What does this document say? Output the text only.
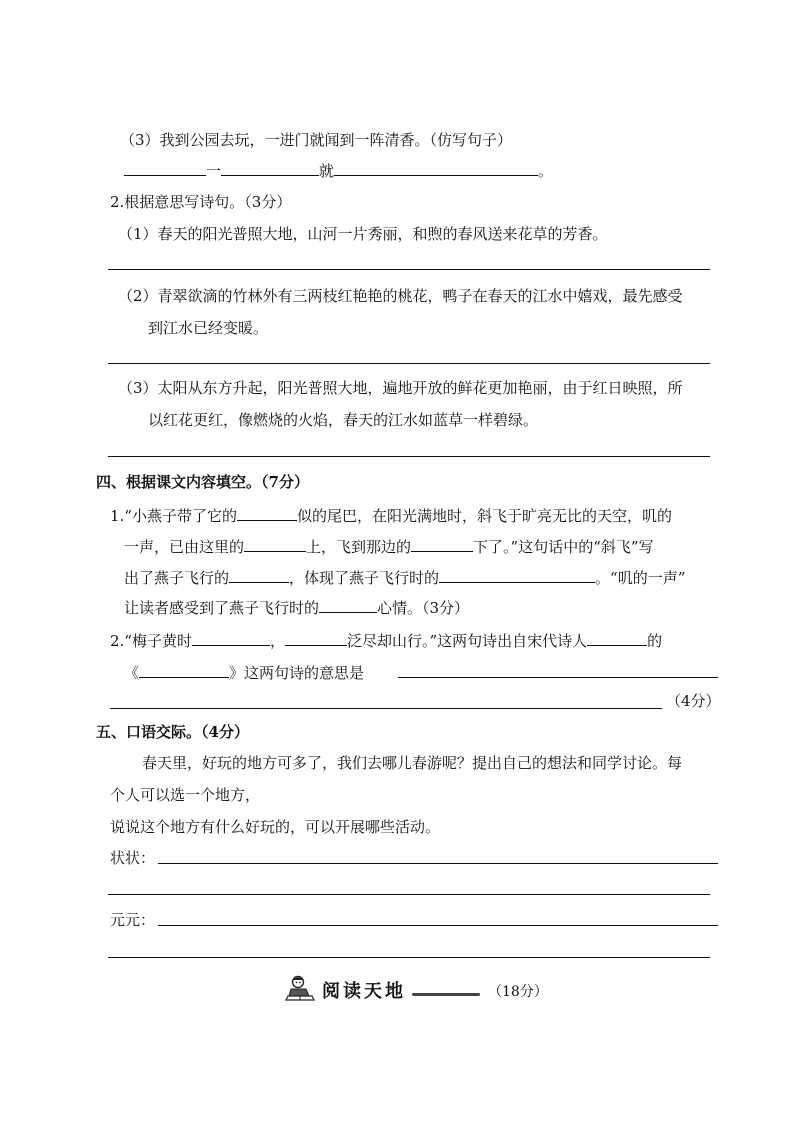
（3）我到公园去玩，一进门就闻到一阵清香。（仿写句子）
一	就	。
2.根据意思写诗句。（3分）
（1）春天的阳光普照大地，山河一片秀丽，和煦的春风送来花草的芳香。
（2）青翠欲滴的竹林外有三两枝红艳艳的桃花，鸭子在春天的江水中嬉戏，最先感受
到江水已经变暖。
（3）太阳从东方升起，阳光普照大地，遍地开放的鲜花更加艳丽，由于红日映照，所
以红花更红，像燃烧的火焰，春天的江水如蓝草一样碧绿。
四、根据课文内容填空。（7分）
1.“小燕子带了它的	似的尾巴，在阳光满地时，斜飞于旷亮无比的天空，叽的
一声，已由这里的	上，飞到那边的	下了。”这句话中的“斜飞”写
出了燕子飞行的	，体现了燕子飞行时的	。“叽的一声”
让读者感受到了燕子飞行时的	心情。（3分）
2.“梅子黄时	，	泛尽却山行。”这两句诗出自宋代诗人	的
《	》这两句诗的意思是
（4分）
五、口语交际。（4分）
春天里，好玩的地方可多了，我们去哪儿春游呢？提出自己的想法和同学讨论。每
个人可以选一个地方，
说说这个地方有什么好玩的，可以开展哪些活动。
状状：
元元：
阅读天地	（18分）
